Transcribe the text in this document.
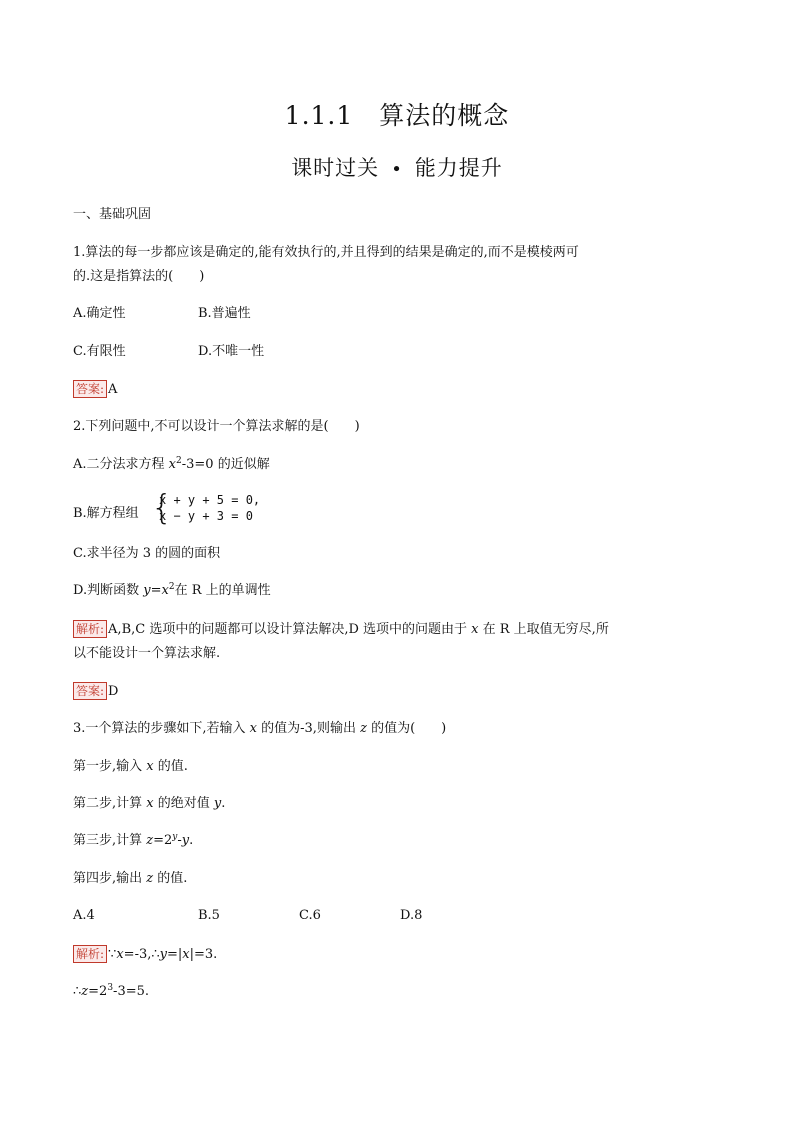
1.1.1 算法的概念
课时过关 • 能力提升
一、基础巩固
1.算法的每一步都应该是确定的,能有效执行的,并且得到的结果是确定的,而不是模棱两可
的.这是指算法的(　　)
A.确定性	B.普遍性
C.有限性	D.不唯一性
答案: A
2.下列问题中,不可以设计一个算法求解的是(　　)
A.二分法求方程 $x^2-3=0$ 的近似解
B.解方程组 {
x + y + 5 = 0,
x − y + 3 = 0
C.求半径为 3 的圆的面积
D.判断函数 $y=x^2$在 R 上的单调性
解析: A,B,C 选项中的问题都可以设计算法解决,D 选项中的问题由于 x 在 R 上取值无穷尽,所
以不能设计一个算法求解.
答案: D
3.一个算法的步骤如下,若输入 x 的值为-3,则输出 z 的值为(　　)
第一步,输入 x 的值.
第二步,计算 x 的绝对值 y.
第三步,计算 $z=2^y-y$.
第四步,输出 z 的值.
A.4	B.5	C.6	D.8
解析: ∵x=-3,∴y=|x|=3.
$\therefore z=2^3-3=5$.
